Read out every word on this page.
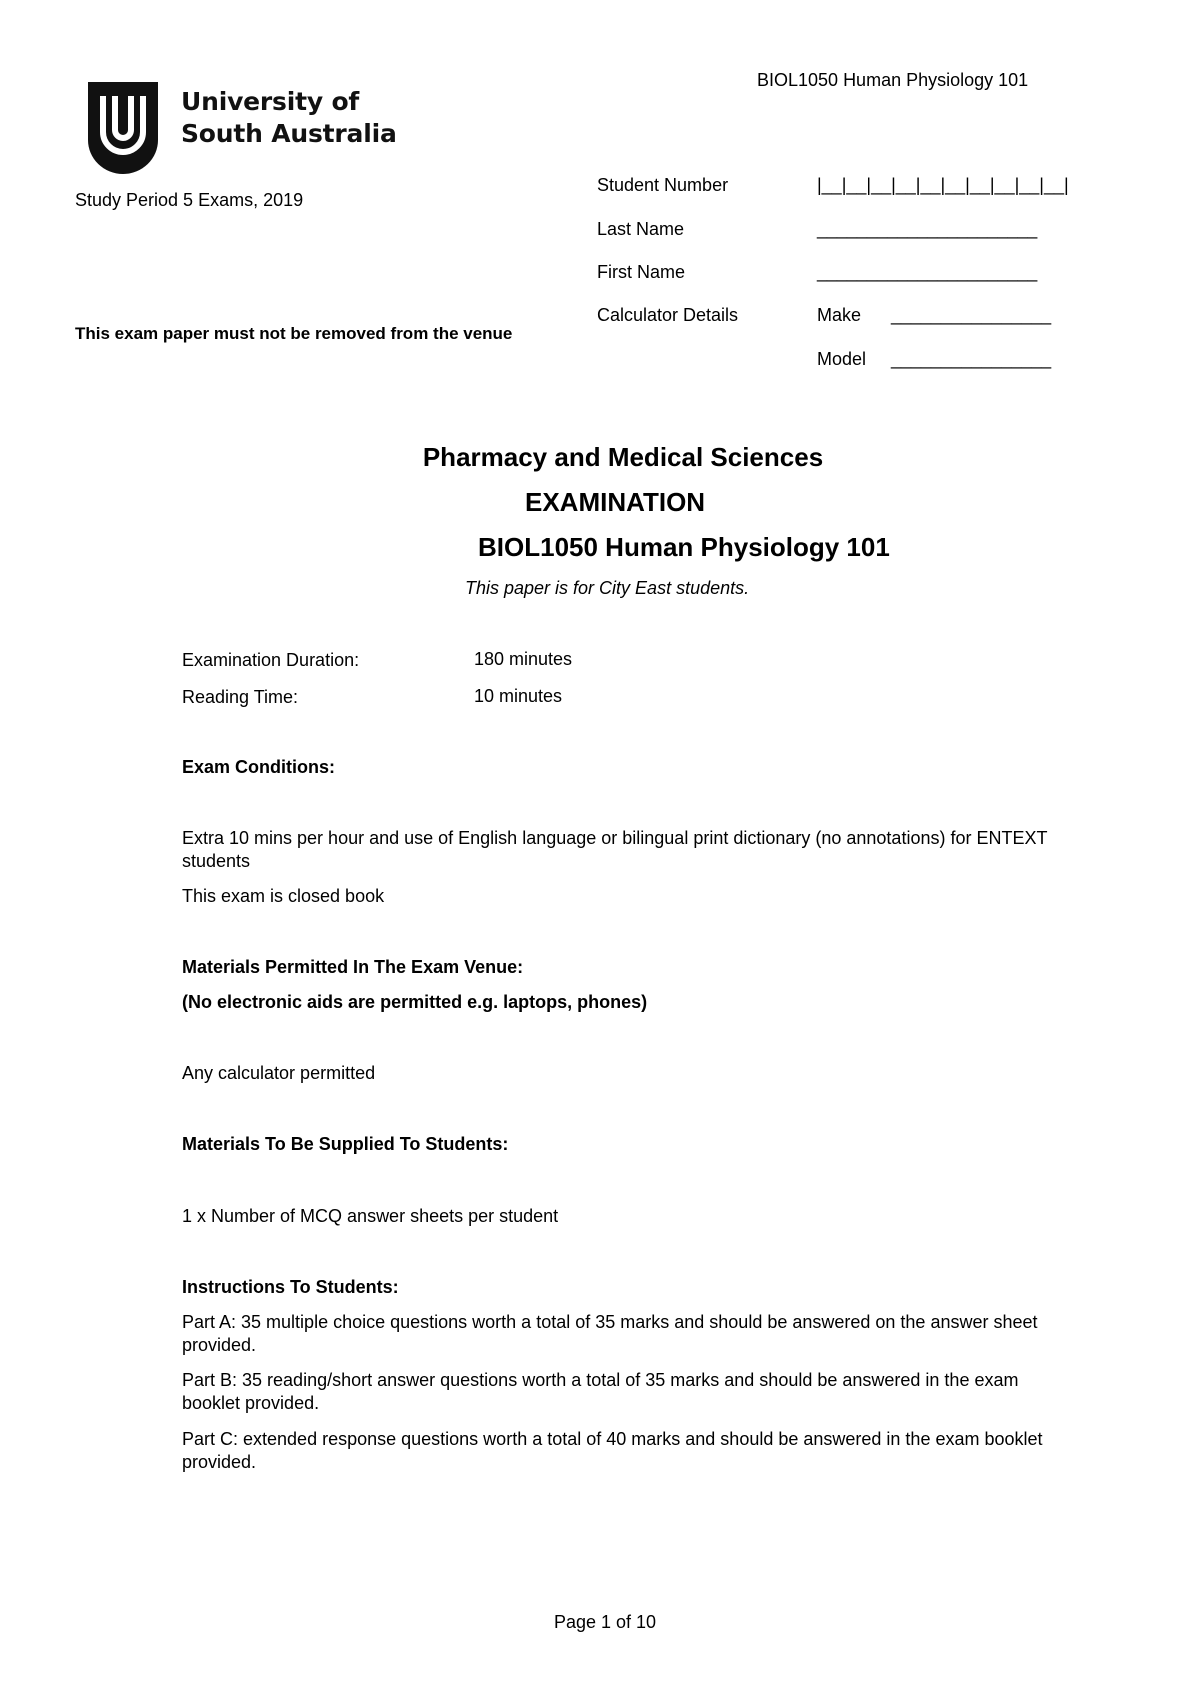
BIOL1050 Human Physiology 101
University of
South Australia
Study Period 5 Exams, 2019
This exam paper must not be removed from the venue
Student Number	|__|__|__|__|__|__|__|__|__|__|
Last Name	______________________
First Name	______________________
Calculator Details	Make ________________
Model ________________
Pharmacy and Medical Sciences
EXAMINATION
BIOL1050 Human Physiology 101
This paper is for City East students.
Examination Duration:	180 minutes
Reading Time:	10 minutes
Exam Conditions:
Extra 10 mins per hour and use of English language or bilingual print dictionary (no annotations) for ENTEXT students
This exam is closed book
Materials Permitted In The Exam Venue:
(No electronic aids are permitted e.g. laptops, phones)
Any calculator permitted
Materials To Be Supplied To Students:
1 x Number of MCQ answer sheets per student
Instructions To Students:
Part A: 35 multiple choice questions worth a total of 35 marks and should be answered on the answer sheet provided.
Part B: 35 reading/short answer questions worth a total of 35 marks and should be answered in the exam booklet provided.
Part C: extended response questions worth a total of 40 marks and should be answered in the exam booklet provided.
Page 1 of 10
